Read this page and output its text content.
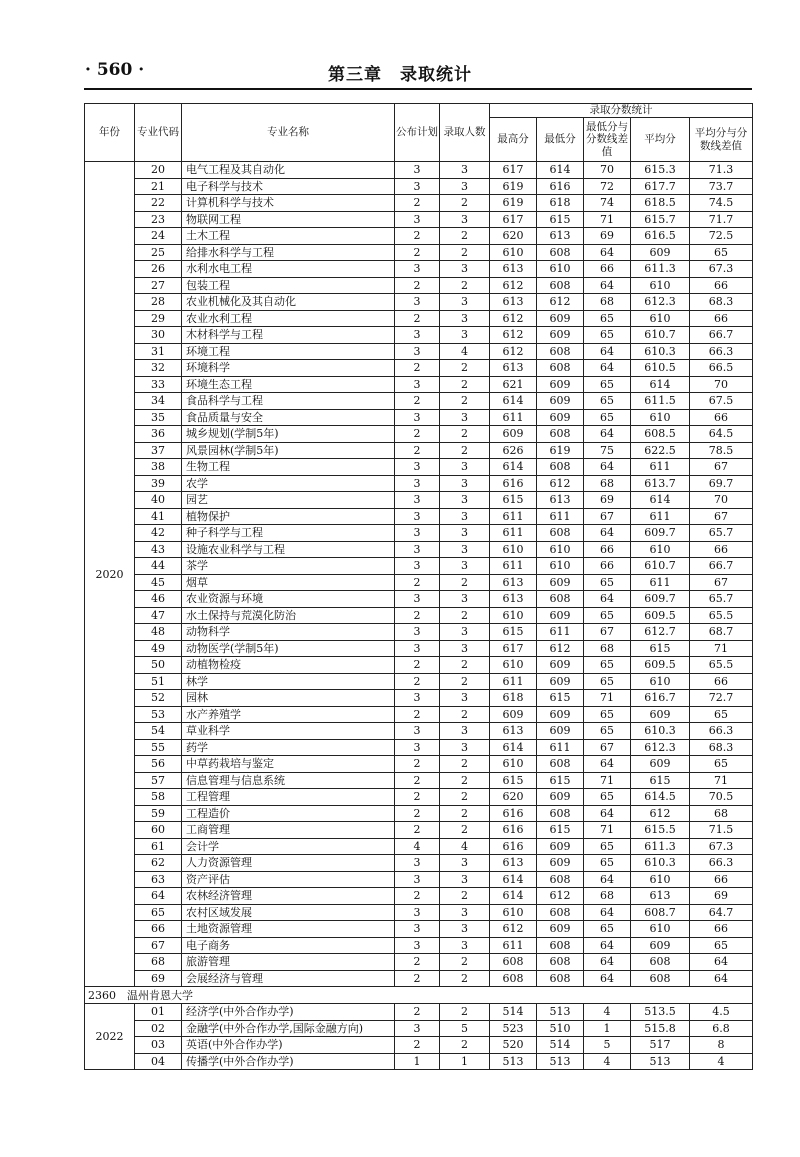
· 560 ·	第三章　录取统计
年份	专业代码	专业名称	公布计划	录取人数	录取分数统计				
					最高分	最低分	最低分与分数线差值	平均分	平均分与分数线差值
2020	20	电气工程及其自动化	3	3	617	614	70	615.3	71.3
	21	电子科学与技术	3	3	619	616	72	617.7	73.7
	22	计算机科学与技术	2	2	619	618	74	618.5	74.5
	23	物联网工程	3	3	617	615	71	615.7	71.7
	24	土木工程	2	2	620	613	69	616.5	72.5
	25	给排水科学与工程	2	2	610	608	64	609	65
	26	水利水电工程	3	3	613	610	66	611.3	67.3
	27	包装工程	2	2	612	608	64	610	66
	28	农业机械化及其自动化	3	3	613	612	68	612.3	68.3
	29	农业水利工程	2	3	612	609	65	610	66
	30	木材科学与工程	3	3	612	609	65	610.7	66.7
	31	环境工程	3	4	612	608	64	610.3	66.3
	32	环境科学	2	2	613	608	64	610.5	66.5
	33	环境生态工程	3	2	621	609	65	614	70
	34	食品科学与工程	2	2	614	609	65	611.5	67.5
	35	食品质量与安全	3	3	611	609	65	610	66
	36	城乡规划(学制5年)	2	2	609	608	64	608.5	64.5
	37	风景园林(学制5年)	2	2	626	619	75	622.5	78.5
	38	生物工程	3	3	614	608	64	611	67
	39	农学	3	3	616	612	68	613.7	69.7
	40	园艺	3	3	615	613	69	614	70
	41	植物保护	3	3	611	611	67	611	67
	42	种子科学与工程	3	3	611	608	64	609.7	65.7
	43	设施农业科学与工程	3	3	610	610	66	610	66
	44	茶学	3	3	611	610	66	610.7	66.7
	45	烟草	2	2	613	609	65	611	67
	46	农业资源与环境	3	3	613	608	64	609.7	65.7
	47	水土保持与荒漠化防治	2	2	610	609	65	609.5	65.5
	48	动物科学	3	3	615	611	67	612.7	68.7
	49	动物医学(学制5年)	3	3	617	612	68	615	71
	50	动植物检疫	2	2	610	609	65	609.5	65.5
	51	林学	2	2	611	609	65	610	66
	52	园林	3	3	618	615	71	616.7	72.7
	53	水产养殖学	2	2	609	609	65	609	65
	54	草业科学	3	3	613	609	65	610.3	66.3
	55	药学	3	3	614	611	67	612.3	68.3
	56	中草药栽培与鉴定	2	2	610	608	64	609	65
	57	信息管理与信息系统	2	2	615	615	71	615	71
	58	工程管理	2	2	620	609	65	614.5	70.5
	59	工程造价	2	2	616	608	64	612	68
	60	工商管理	2	2	616	615	71	615.5	71.5
	61	会计学	4	4	616	609	65	611.3	67.3
	62	人力资源管理	3	3	613	609	65	610.3	66.3
	63	资产评估	3	3	614	608	64	610	66
	64	农林经济管理	2	2	614	612	68	613	69
	65	农村区域发展	3	3	610	608	64	608.7	64.7
	66	土地资源管理	3	3	612	609	65	610	66
	67	电子商务	3	3	611	608	64	609	65
	68	旅游管理	2	2	608	608	64	608	64
	69	会展经济与管理	2	2	608	608	64	608	64
2360　温州肯恩大学									
2022	01	经济学(中外合作办学)	2	2	514	513	4	513.5	4.5
	02	金融学(中外合作办学,国际金融方向)	3	5	523	510	1	515.8	6.8
	03	英语(中外合作办学)	2	2	520	514	5	517	8
	04	传播学(中外合作办学)	1	1	513	513	4	513	4
